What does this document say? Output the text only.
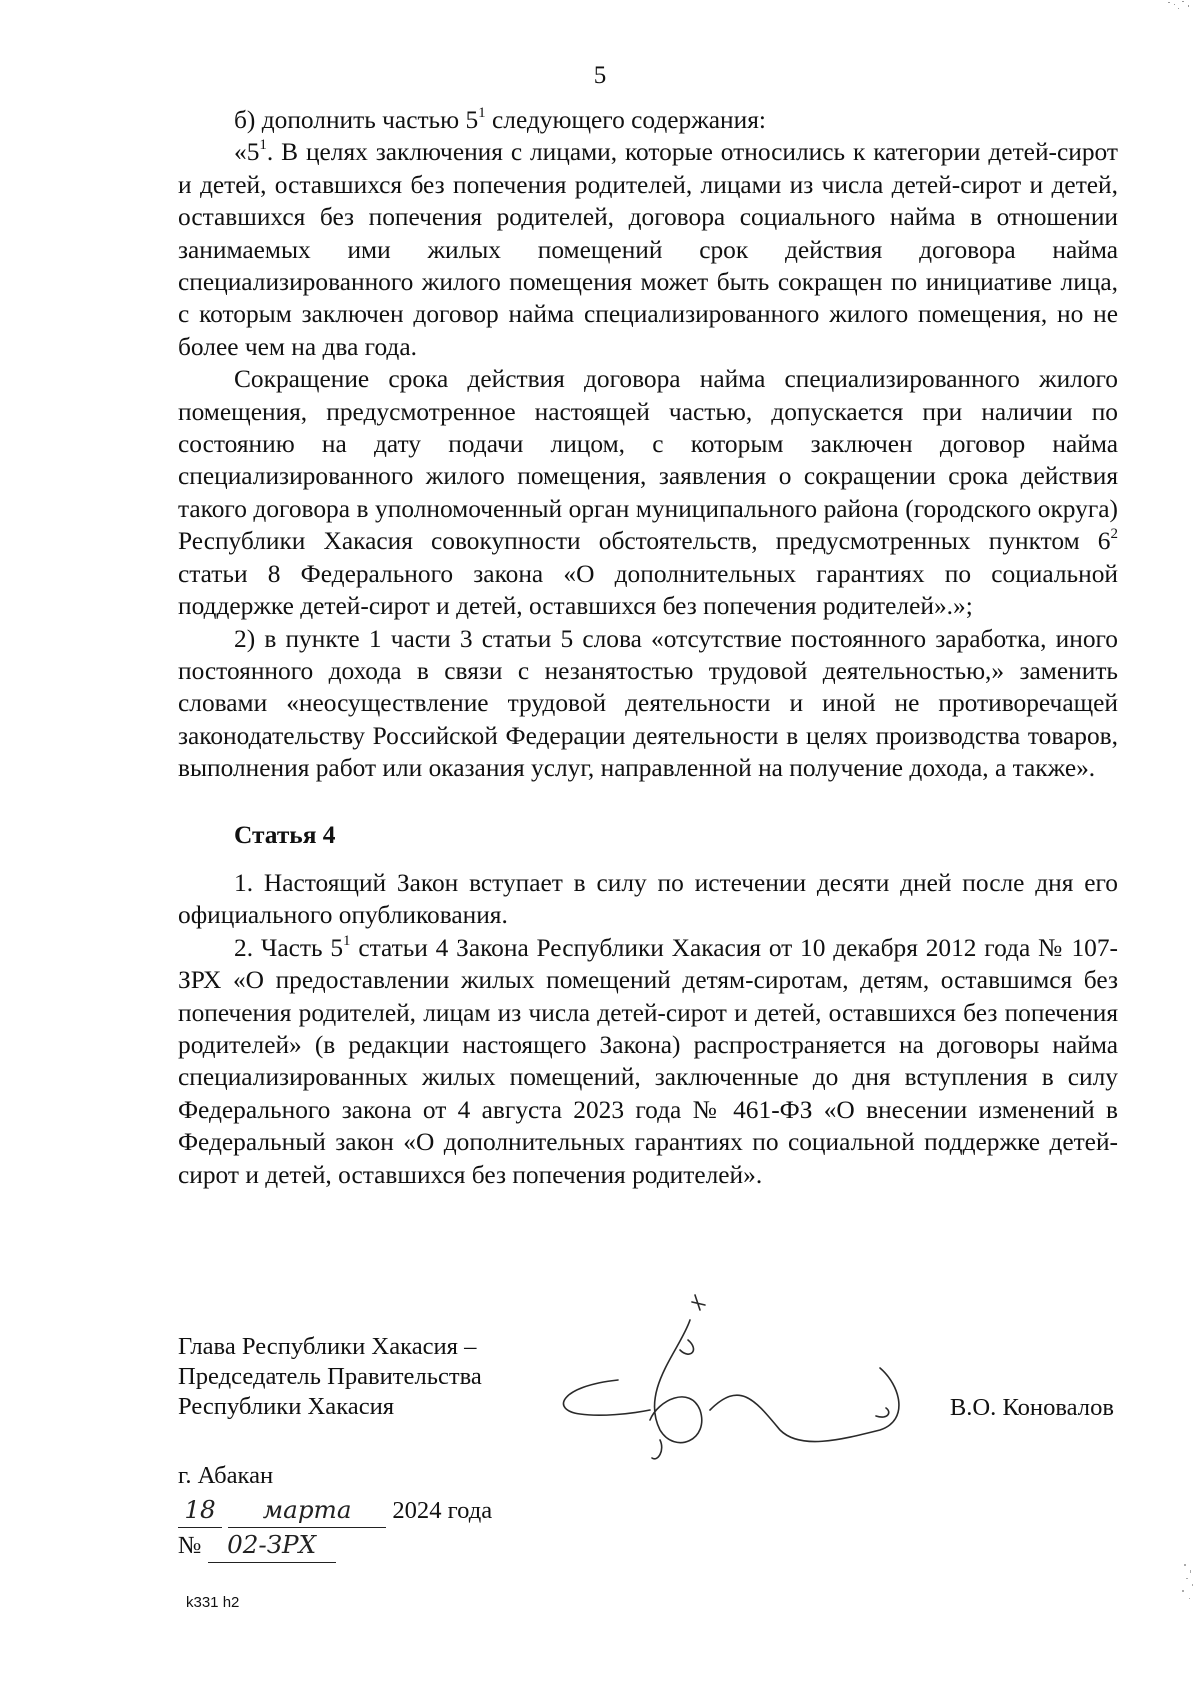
5

б) дополнить частью $5^1$ следующего содержания:

«$5^1$. В целях заключения с лицами, которые относились к категории детей-сирот и детей, оставшихся без попечения родителей, лицами из числа детей-сирот и детей, оставшихся без попечения родителей, договора социального найма в отношении занимаемых ими жилых помещений срок действия договора найма специализированного жилого помещения может быть сокращен по инициативе лица, с которым заключен договор найма специализированного жилого помещения, но не более чем на два года.

Сокращение срока действия договора найма специализированного жилого помещения, предусмотренное настоящей частью, допускается при наличии по состоянию на дату подачи лицом, с которым заключен договор найма специализированного жилого помещения, заявления о сокращении срока действия такого договора в уполномоченный орган муниципального района (городского округа) Республики Хакасия совокупности обстоятельств, предусмотренных пунктом $6^2$ статьи 8 Федерального закона «О дополнительных гарантиях по социальной поддержке детей-сирот и детей, оставшихся без попечения родителей».»;

2) в пункте 1 части 3 статьи 5 слова «отсутствие постоянного заработка, иного постоянного дохода в связи с незанятостью трудовой деятельностью,» заменить словами «неосуществление трудовой деятельности и иной не противоречащей законодательству Российской Федерации деятельности в целях производства товаров, выполнения работ или оказания услуг, направленной на получение дохода, а также».

Статья 4

1. Настоящий Закон вступает в силу по истечении десяти дней после дня его официального опубликования.

2. Часть $5^1$ статьи 4 Закона Республики Хакасия от 10 декабря 2012 года № 107-ЗРХ «О предоставлении жилых помещений детям-сиротам, детям, оставшимся без попечения родителей, лицам из числа детей-сирот и детей, оставшихся без попечения родителей» (в редакции настоящего Закона) распространяется на договоры найма специализированных жилых помещений, заключенные до дня вступления в силу Федерального закона от 4 августа 2023 года № 461-ФЗ «О внесении изменений в Федеральный закон «О дополнительных гарантиях по социальной поддержке детей-сирот и детей, оставшихся без попечения родителей».

Глава Республики Хакасия –
Председатель Правительства
Республики Хакасия	В.О. Коновалов
г. Абакан
18 марта 2024 года
№ 02-ЗРХ
k331 h2
